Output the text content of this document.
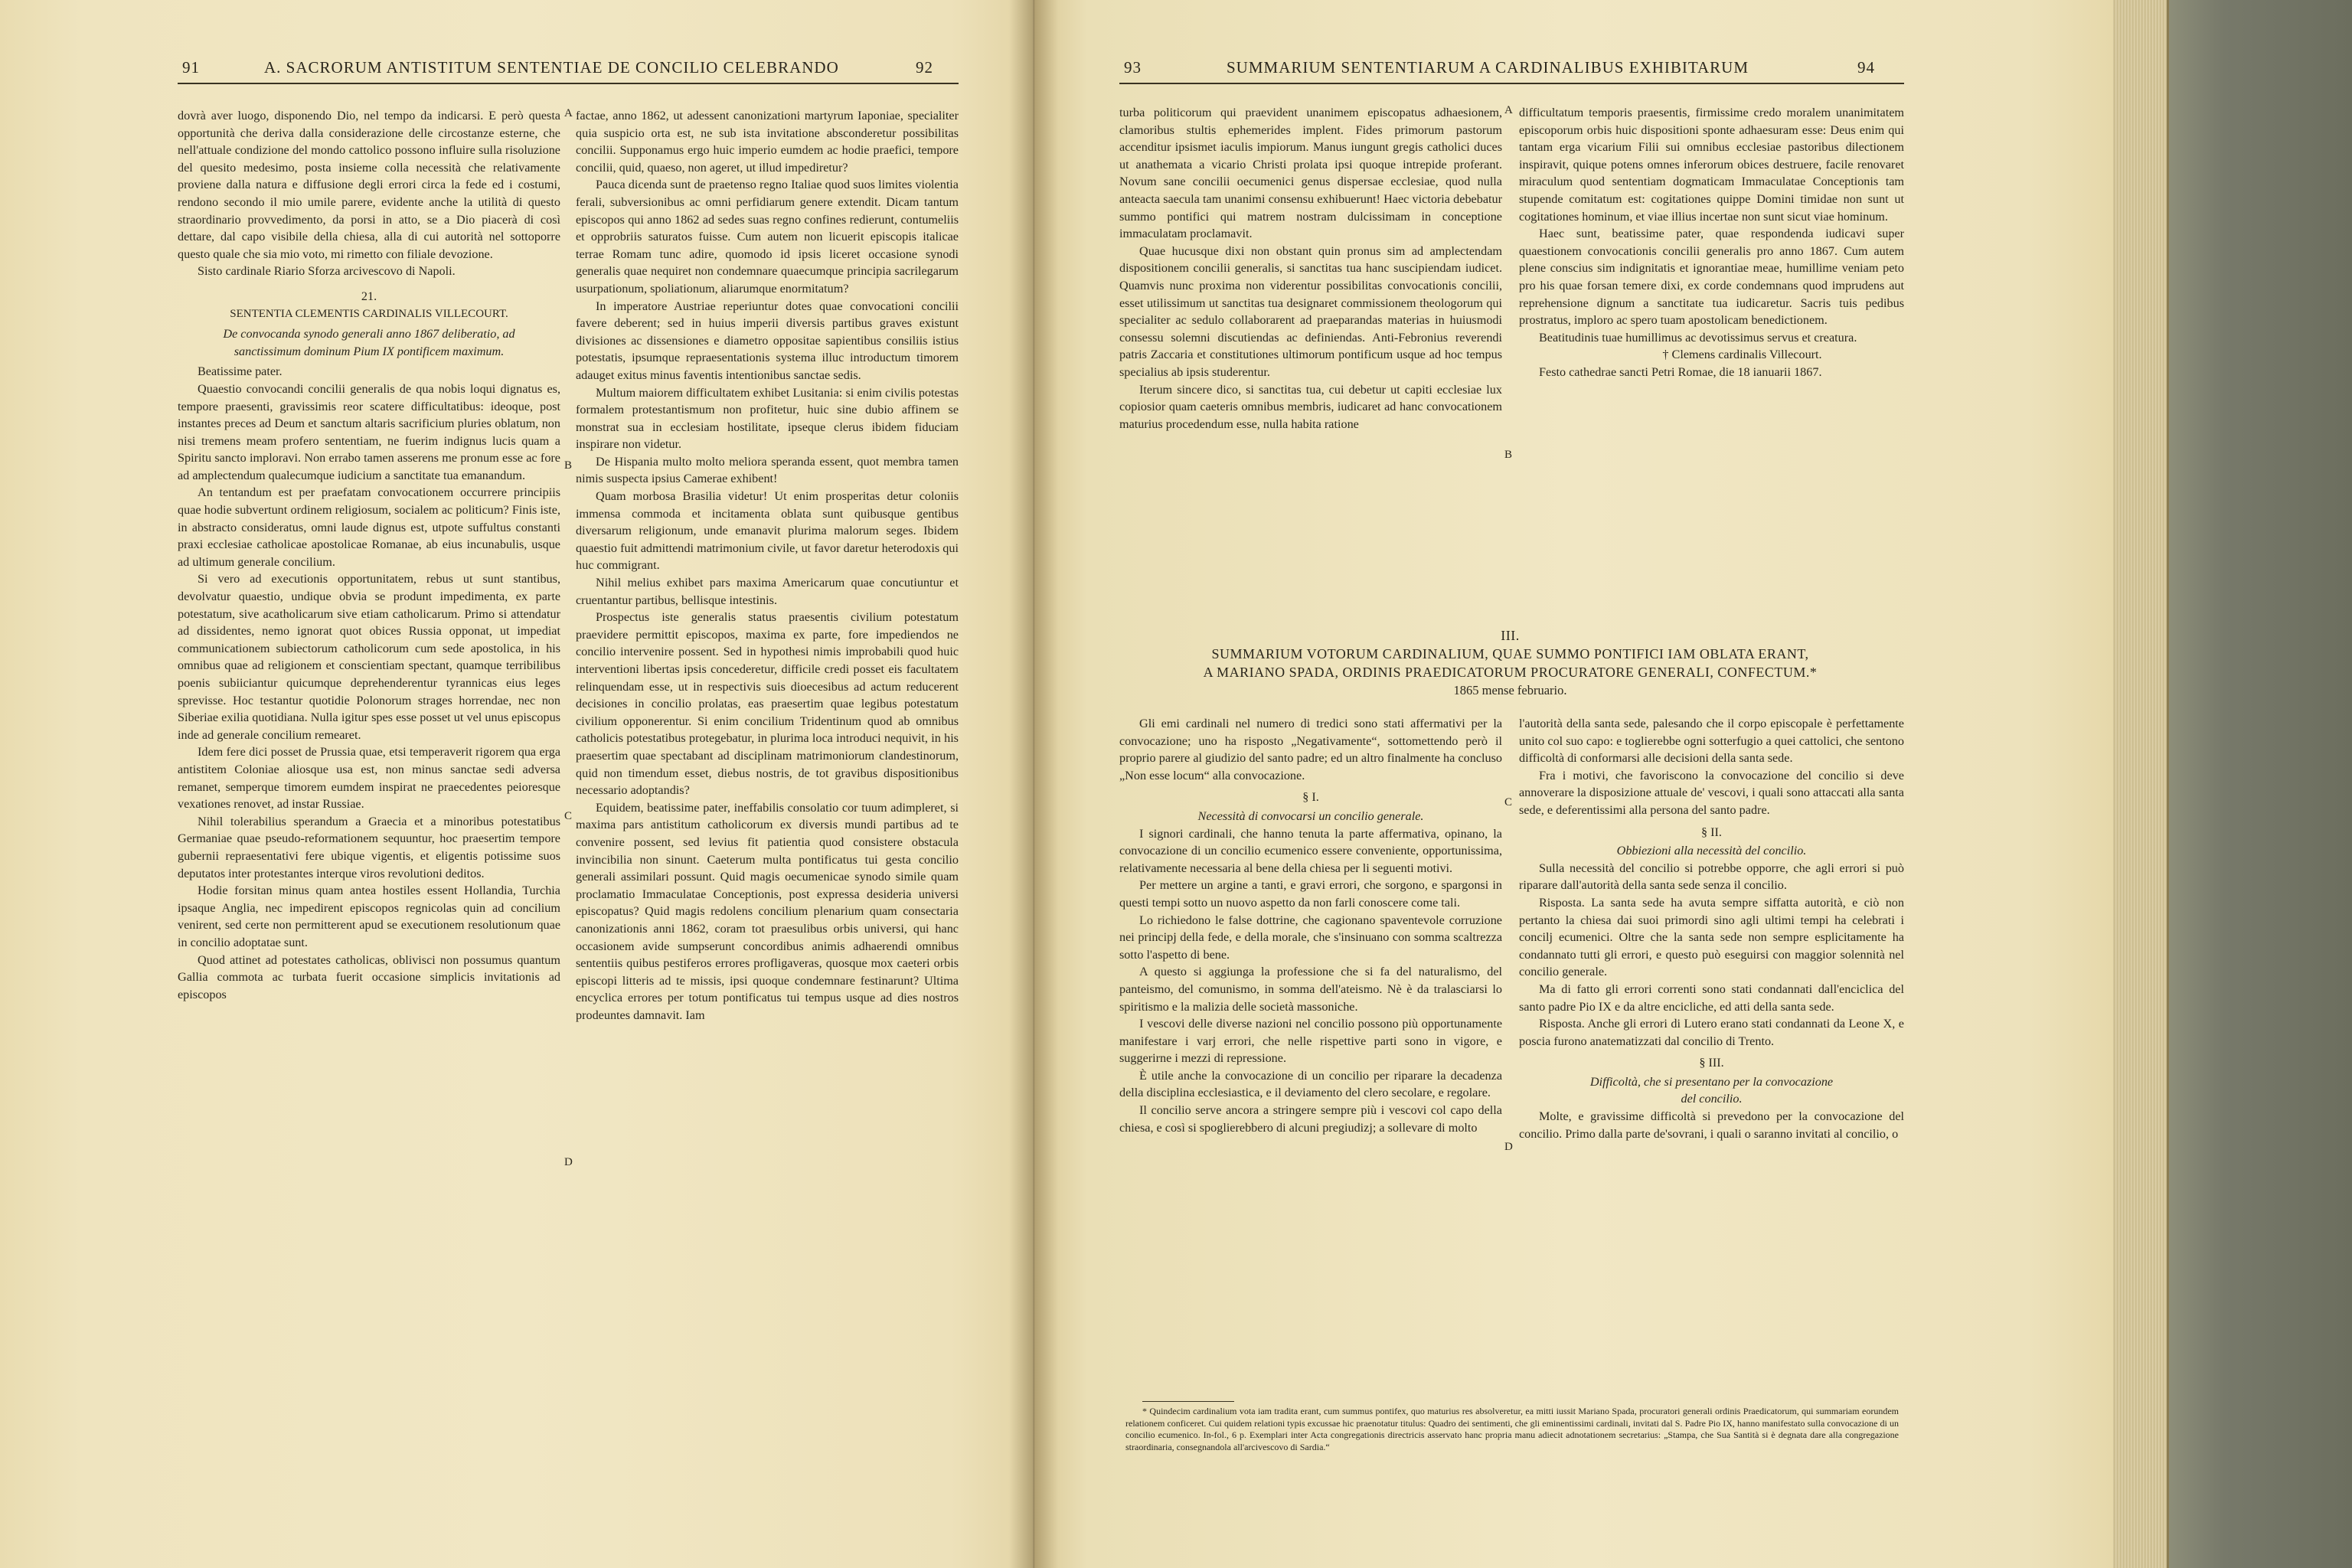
91	A. SACRORUM ANTISTITUM SENTENTIAE DE CONCILIO CELEBRANDO	92

dovrà aver luogo, disponendo Dio, nel tempo da indicarsi. E però questa opportunità che deriva dalla considerazione delle circostanze esterne, che nell'attuale condizione del mondo cattolico possono influire sulla risoluzione del quesito medesimo, posta insieme colla necessità che relativamente proviene dalla natura e diffusione degli errori circa la fede ed i costumi, rendono secondo il mio umile parere, evidente anche la utilità di questo straordinario provvedimento, da porsi in atto, se a Dio piacerà di così dettare, dal capo visibile della chiesa, alla di cui autorità nel sottoporre questo quale che sia mio voto, mi rimetto con filiale devozione.

Sisto cardinale Riario Sforza arcivescovo di Napoli.

21.

SENTENTIA CLEMENTIS CARDINALIS VILLECOURT.

De convocanda synodo generali anno 1867 deliberatio, ad sanctissimum dominum Pium IX pontificem maximum.

Beatissime pater.

Quaestio convocandi concilii generalis de qua nobis loqui dignatus es, tempore praesenti, gravissimis reor scatere difficultatibus: ideoque, post instantes preces ad Deum et sanctum altaris sacrificium pluries oblatum, non nisi tremens meam profero sententiam, ne fuerim indignus lucis quam a Spiritu sancto imploravi. Non errabo tamen asserens me pronum esse ac fore ad amplectendum qualecumque iudicium a sanctitate tua emanandum.

An tentandum est per praefatam convocationem occurrere principiis quae hodie subvertunt ordinem religiosum, socialem ac politicum? Finis iste, in abstracto consideratus, omni laude dignus est, utpote suffultus constanti praxi ecclesiae catholicae apostolicae Romanae, ab eius incunabulis, usque ad ultimum generale concilium.

Si vero ad executionis opportunitatem, rebus ut sunt stantibus, devolvatur quaestio, undique obvia se produnt impedimenta, ex parte potestatum, sive acatholicarum sive etiam catholicarum. Primo si attendatur ad dissidentes, nemo ignorat quot obices Russia opponat, ut impediat communicationem subiectorum catholicorum cum sede apostolica, in his omnibus quae ad religionem et conscientiam spectant, quamque terribilibus poenis subiiciantur quicumque deprehenderentur tyrannicas eius leges sprevisse. Hoc testantur quotidie Polonorum strages horrendae, nec non Siberiae exilia quotidiana. Nulla igitur spes esse posset ut vel unus episcopus inde ad generale concilium remearet.

Idem fere dici posset de Prussia quae, etsi temperaverit rigorem qua erga antistitem Coloniae aliosque usa est, non minus sanctae sedi adversa remanet, semperque timorem eumdem inspirat ne praecedentes peioresque vexationes renovet, ad instar Russiae.

Nihil tolerabilius sperandum a Graecia et a minoribus potestatibus Germaniae quae pseudo-reformationem sequuntur, hoc praesertim tempore gubernii repraesentativi fere ubique vigentis, et eligentis potissime suos deputatos inter protestantes interque viros revolutioni deditos.

Hodie forsitan minus quam antea hostiles essent Hollandia, Turchia ipsaque Anglia, nec impedirent episcopos regnicolas quin ad concilium venirent, sed certe non permitterent apud se executionem resolutionum quae in concilio adoptatae sunt.

Quod attinet ad potestates catholicas, oblivisci non possumus quantum Gallia commota ac turbata fuerit occasione simplicis invitationis ad episcopos

A
B
C
D

factae, anno 1862, ut adessent canonizationi martyrum Iaponiae, specialiter quia suspicio orta est, ne sub ista invitatione absconderetur possibilitas concilii. Supponamus ergo huic imperio eumdem ac hodie praefici, tempore concilii, quid, quaeso, non ageret, ut illud impediretur?

Pauca dicenda sunt de praetenso regno Italiae quod suos limites violentia ferali, subversionibus ac omni perfidiarum genere extendit. Dicam tantum episcopos qui anno 1862 ad sedes suas regno confines redierunt, contumeliis et opprobriis saturatos fuisse. Cum autem non licuerit episcopis italicae terrae Romam tunc adire, quomodo id ipsis liceret occasione synodi generalis quae nequiret non condemnare quaecumque principia sacrilegarum usurpationum, spoliationum, aliarumque enormitatum?

In imperatore Austriae reperiuntur dotes quae convocationi concilii favere deberent; sed in huius imperii diversis partibus graves existunt divisiones ac dissensiones e diametro oppositae sapientibus consiliis istius potestatis, ipsumque repraesentationis systema illuc introductum timorem adauget exitus minus faventis intentionibus sanctae sedis.

Multum maiorem difficultatem exhibet Lusitania: si enim civilis potestas formalem protestantismum non profitetur, huic sine dubio affinem se monstrat sua in ecclesiam hostilitate, ipseque clerus ibidem fiduciam inspirare non videtur.

De Hispania multo molto meliora speranda essent, quot membra tamen nimis suspecta ipsius Camerae exhibent!

Quam morbosa Brasilia videtur! Ut enim prosperitas detur coloniis immensa commoda et incitamenta oblata sunt quibusque gentibus diversarum religionum, unde emanavit plurima malorum seges. Ibidem quaestio fuit admittendi matrimonium civile, ut favor daretur heterodoxis qui huc commigrant.

Nihil melius exhibet pars maxima Americarum quae concutiuntur et cruentantur partibus, bellisque intestinis.

Prospectus iste generalis status praesentis civilium potestatum praevidere permittit episcopos, maxima ex parte, fore impediendos ne concilio intervenire possent. Sed in hypothesi nimis improbabili quod huic interventioni libertas ipsis concederetur, difficile credi posset eis facultatem relinquendam esse, ut in respectivis suis dioecesibus ad actum reducerent decisiones in concilio prolatas, eas praesertim quae legibus potestatum civilium opponerentur. Si enim concilium Tridentinum quod ab omnibus catholicis potestatibus protegebatur, in plurima loca introduci nequivit, in his praesertim quae spectabant ad disciplinam matrimoniorum clandestinorum, quid non timendum esset, diebus nostris, de tot gravibus dispositionibus necessario adoptandis?

Equidem, beatissime pater, ineffabilis consolatio cor tuum adimpleret, si maxima pars antistitum catholicorum ex diversis mundi partibus ad te convenire possent, sed levius fit patientia quod consistere obstacula invincibilia non sinunt. Caeterum multa pontificatus tui gesta concilio generali assimilari possunt. Quid magis oecumenicae synodo simile quam proclamatio Immaculatae Conceptionis, post expressa desideria universi episcopatus? Quid magis redolens concilium plenarium quam consectaria canonizationis anni 1862, coram tot praesulibus orbis universi, qui hanc occasionem avide sumpserunt concordibus animis adhaerendi omnibus sententiis quibus pestiferos errores profligaveras, quosque mox caeteri orbis episcopi litteris ad te missis, ipsi quoque condemnare festinarunt? Ultima encyclica errores per totum pontificatus tui tempus usque ad dies nostros prodeuntes damnavit. Iam

93	SUMMARIUM SENTENTIARUM A CARDINALIBUS EXHIBITARUM	94

turba politicorum qui praevident unanimem episcopatus adhaesionem, clamoribus stultis ephemerides implent. Fides primorum pastorum accenditur ipsismet iaculis impiorum. Manus iungunt gregis catholici duces ut anathemata a vicario Christi prolata ipsi quoque intrepide proferant. Novum sane concilii oecumenici genus dispersae ecclesiae, quod nulla anteacta saecula tam unanimi consensu exhibuerunt! Haec victoria debebatur summo pontifici qui matrem nostram dulcissimam in conceptione immaculatam proclamavit.

Quae hucusque dixi non obstant quin pronus sim ad amplectendam dispositionem concilii generalis, si sanctitas tua hanc suscipiendam iudicet. Quamvis nunc proxima non viderentur possibilitas convocationis concilii, esset utilissimum ut sanctitas tua designaret commissionem theologorum qui specialiter ac sedulo collaborarent ad praeparandas materias in huiusmodi consessu solemni discutiendas ac definiendas. Anti-Febronius reverendi patris Zaccaria et constitutiones ultimorum pontificum usque ad hoc tempus specialius ab ipsis studerentur.

Iterum sincere dico, si sanctitas tua, cui debetur ut capiti ecclesiae lux copiosior quam caeteris omnibus membris, iudicaret ad hanc convocationem maturius procedendum esse, nulla habita ratione

A
B
C
D

difficultatum temporis praesentis, firmissime credo moralem unanimitatem episcoporum orbis huic dispositioni sponte adhaesuram esse: Deus enim qui tantam erga vicarium Filii sui omnibus ecclesiae pastoribus dilectionem inspiravit, quique potens omnes inferorum obices destruere, facile renovaret miraculum quod sententiam dogmaticam Immaculatae Conceptionis tam stupende comitatum est: cogitationes quippe Domini timidae non sunt ut cogitationes hominum, et viae illius incertae non sunt sicut viae hominum.

Haec sunt, beatissime pater, quae respondenda iudicavi super quaestionem convocationis concilii generalis pro anno 1867. Cum autem plene conscius sim indignitatis et ignorantiae meae, humillime veniam peto pro his quae forsan temere dixi, ex corde condemnans quod imprudens aut reprehensione dignum a sanctitate tua iudicaretur. Sacris tuis pedibus prostratus, imploro ac spero tuam apostolicam benedictionem.

Beatitudinis tuae humillimus ac devotissimus servus et creatura.

† Clemens cardinalis Villecourt.

Festo cathedrae sancti Petri Romae, die 18 ianuarii 1867.

III.
SUMMARIUM VOTORUM CARDINALIUM, QUAE SUMMO PONTIFICI IAM OBLATA ERANT,
A MARIANO SPADA, ORDINIS PRAEDICATORUM PROCURATORE GENERALI, CONFECTUM.*
1865 mense februario.

Gli emi cardinali nel numero di tredici sono stati affermativi per la convocazione; uno ha risposto „Negativamente“, sottomettendo però il proprio parere al giudizio del santo padre; ed un altro finalmente ha concluso „Non esse locum“ alla convocazione.

§ I.

Necessità di convocarsi un concilio generale.

I signori cardinali, che hanno tenuta la parte affermativa, opinano, la convocazione di un concilio ecumenico essere conveniente, opportunissima, relativamente necessaria al bene della chiesa per li seguenti motivi.

Per mettere un argine a tanti, e gravi errori, che sorgono, e spargonsi in questi tempi sotto un nuovo aspetto da non farli conoscere come tali.

Lo richiedono le false dottrine, che cagionano spaventevole corruzione nei principj della fede, e della morale, che s'insinuano con somma scaltrezza sotto l'aspetto di bene.

A questo si aggiunga la professione che si fa del naturalismo, del panteismo, del comunismo, in somma dell'ateismo. Nè è da tralasciarsi lo spiritismo e la malizia delle società massoniche.

I vescovi delle diverse nazioni nel concilio possono più opportunamente manifestare i varj errori, che nelle rispettive parti sono in vigore, e suggerirne i mezzi di repressione.

È utile anche la convocazione di un concilio per riparare la decadenza della disciplina ecclesiastica, e il deviamento del clero secolare, e regolare.

Il concilio serve ancora a stringere sempre più i vescovi col capo della chiesa, e così si spoglierebbero di alcuni pregiudizj; a sollevare di molto

l'autorità della santa sede, palesando che il corpo episcopale è perfettamente unito col suo capo: e toglierebbe ogni sotterfugio a quei cattolici, che sentono difficoltà di conformarsi alle decisioni della santa sede.

Fra i motivi, che favoriscono la convocazione del concilio si deve annoverare la disposizione attuale de' vescovi, i quali sono attaccati alla santa sede, e deferentissimi alla persona del santo padre.

§ II.

Obbiezioni alla necessità del concilio.

Sulla necessità del concilio si potrebbe opporre, che agli errori si può riparare dall'autorità della santa sede senza il concilio.

Risposta. La santa sede ha avuta sempre siffatta autorità, e ciò non pertanto la chiesa dai suoi primordi sino agli ultimi tempi ha celebrati i concilj ecumenici. Oltre che la santa sede non sempre esplicitamente ha condannato tutti gli errori, e questo può eseguirsi con maggior solennità nel concilio generale.

Ma di fatto gli errori correnti sono stati condannati dall'enciclica del santo padre Pio IX e da altre encicliche, ed atti della santa sede.

Risposta. Anche gli errori di Lutero erano stati condannati da Leone X, e poscia furono anatematizzati dal concilio di Trento.

§ III.

Difficoltà, che si presentano per la convocazione

del concilio.

Molte, e gravissime difficoltà si prevedono per la convocazione del concilio. Primo dalla parte de'sovrani, i quali o saranno invitati al concilio, o

* Quindecim cardinalium vota iam tradita erant, cum summus pontifex, quo maturius res absolveretur, ea mitti iussit Mariano Spada, procuratori generali ordinis Praedicatorum, qui summariam eorundem relationem conficeret. Cui quidem relationi typis excussae hic praenotatur titulus: Quadro dei sentimenti, che gli eminentissimi cardinali, invitati dal S. Padre Pio IX, hanno manifestato sulla convocazione di un concilio ecumenico. In-fol., 6 p. Exemplari inter Acta congregationis directricis asservato hanc propria manu adiecit adnotationem secretarius: „Stampa, che Sua Santità si è degnata dare alla congregazione straordinaria, consegnandola all'arcivescovo di Sardia.“
